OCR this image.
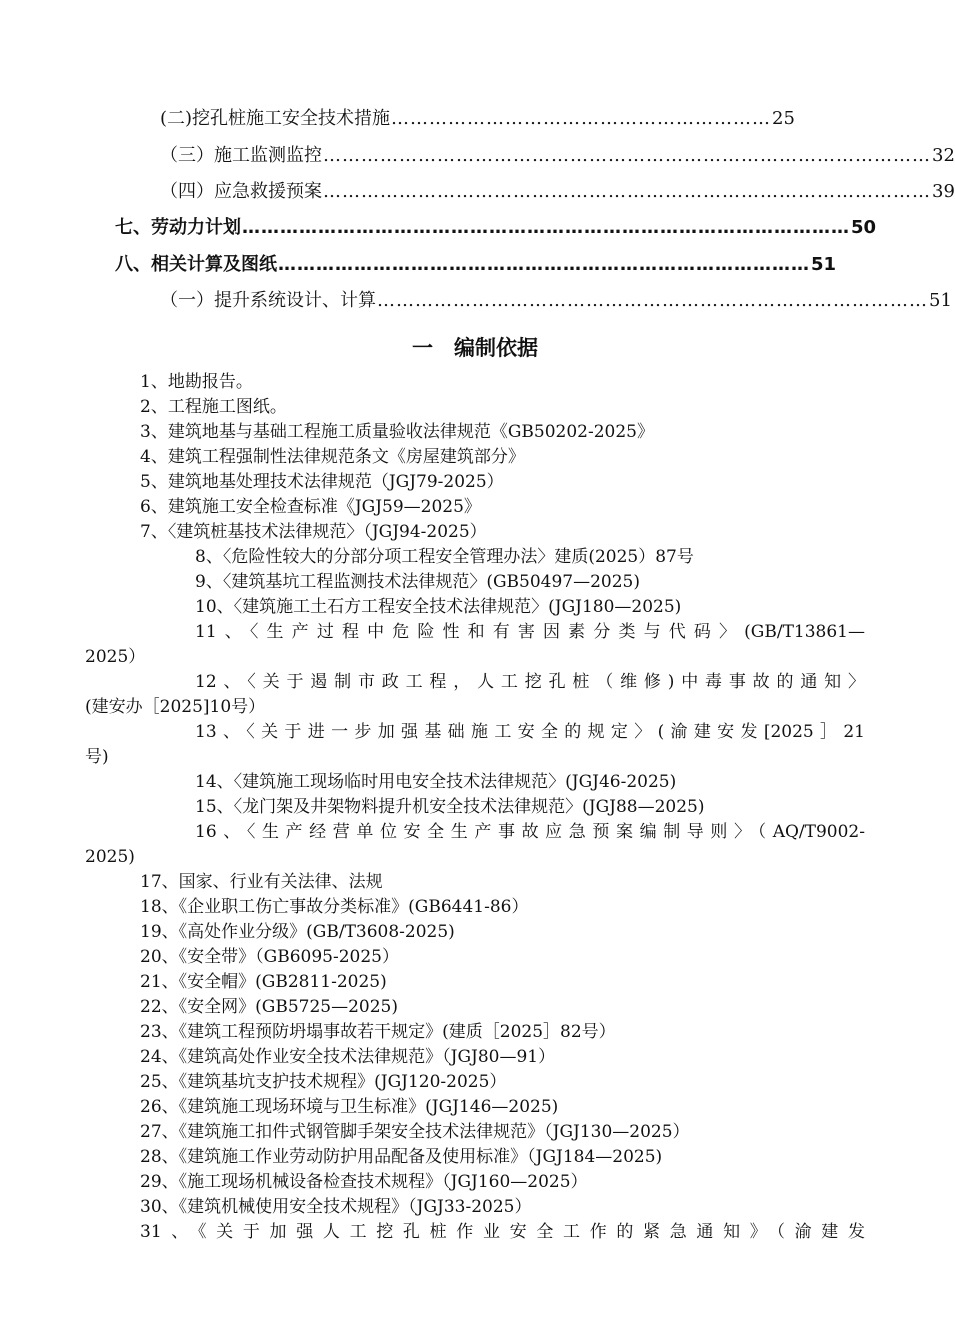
(二)挖孔桩施工安全技术措施 …………………………………………………… 25
（三）施工监测监控 …………………………………………………………………………………… 32
（四）应急救援预案 …………………………………………………………………………………… 39
七、劳动力计划 …………………………………………………………………………………… 50
八、相关计算及图纸 ………………………………………………………………………… 51
（一）提升系统设计、计算 …………………………………………………………………………… 51
一　编制依据
1、地勘报告。
2、工程施工图纸。
3、建筑地基与基础工程施工质量验收法律规范《GB50202-2025》
4、建筑工程强制性法律规范条文《房屋建筑部分》
5、建筑地基处理技术法律规范（JGJ79-2025）
6、建筑施工安全检查标准《JGJ59—2025》
7、〈建筑桩基技术法律规范〉（JGJ94-2025）
8、〈危险性较大的分部分项工程安全管理办法〉建质(2025）87号
9、〈建筑基坑工程监测技术法律规范〉(GB50497—2025)
10、〈建筑施工土石方工程安全技术法律规范〉(JGJ180—2025)
11、〈生产过程中危险性和有害因素分类与代码〉(GB/T13861—
2025）
12、〈关于遏制市政工程，人工挖孔桩（维修)中毒事故的通知〉
(建安办［2025]10号）
13、〈关于进一步加强基础施工安全的规定〉(渝建安发[2025］21
号)
14、〈建筑施工现场临时用电安全技术法律规范〉(JGJ46-2025)
15、〈龙门架及井架物料提升机安全技术法律规范〉(JGJ88—2025)
16、〈生产经营单位安全生产事故应急预案编制导则〉（AQ/T9002-
2025)
17、国家、行业有关法律、法规
18、《企业职工伤亡事故分类标准》(GB6441-86）
19、《高处作业分级》(GB/T3608-2025)
20、《安全带》（GB6095-2025）
21、《安全帽》(GB2811-2025)
22、《安全网》(GB5725—2025)
23、《建筑工程预防坍塌事故若干规定》(建质［2025］82号）
24、《建筑高处作业安全技术法律规范》（JGJ80—91）
25、《建筑基坑支护技术规程》(JGJ120-2025）
26、《建筑施工现场环境与卫生标准》(JGJ146—2025)
27、《建筑施工扣件式钢管脚手架安全技术法律规范》（JGJ130—2025）
28、《建筑施工作业劳动防护用品配备及使用标准》（JGJ184—2025)
29、《施工现场机械设备检查技术规程》（JGJ160—2025）
30、《建筑机械使用安全技术规程》（JGJ33-2025）
31、《关于加强人工挖孔桩作业安全工作的紧急通知》（渝建发
